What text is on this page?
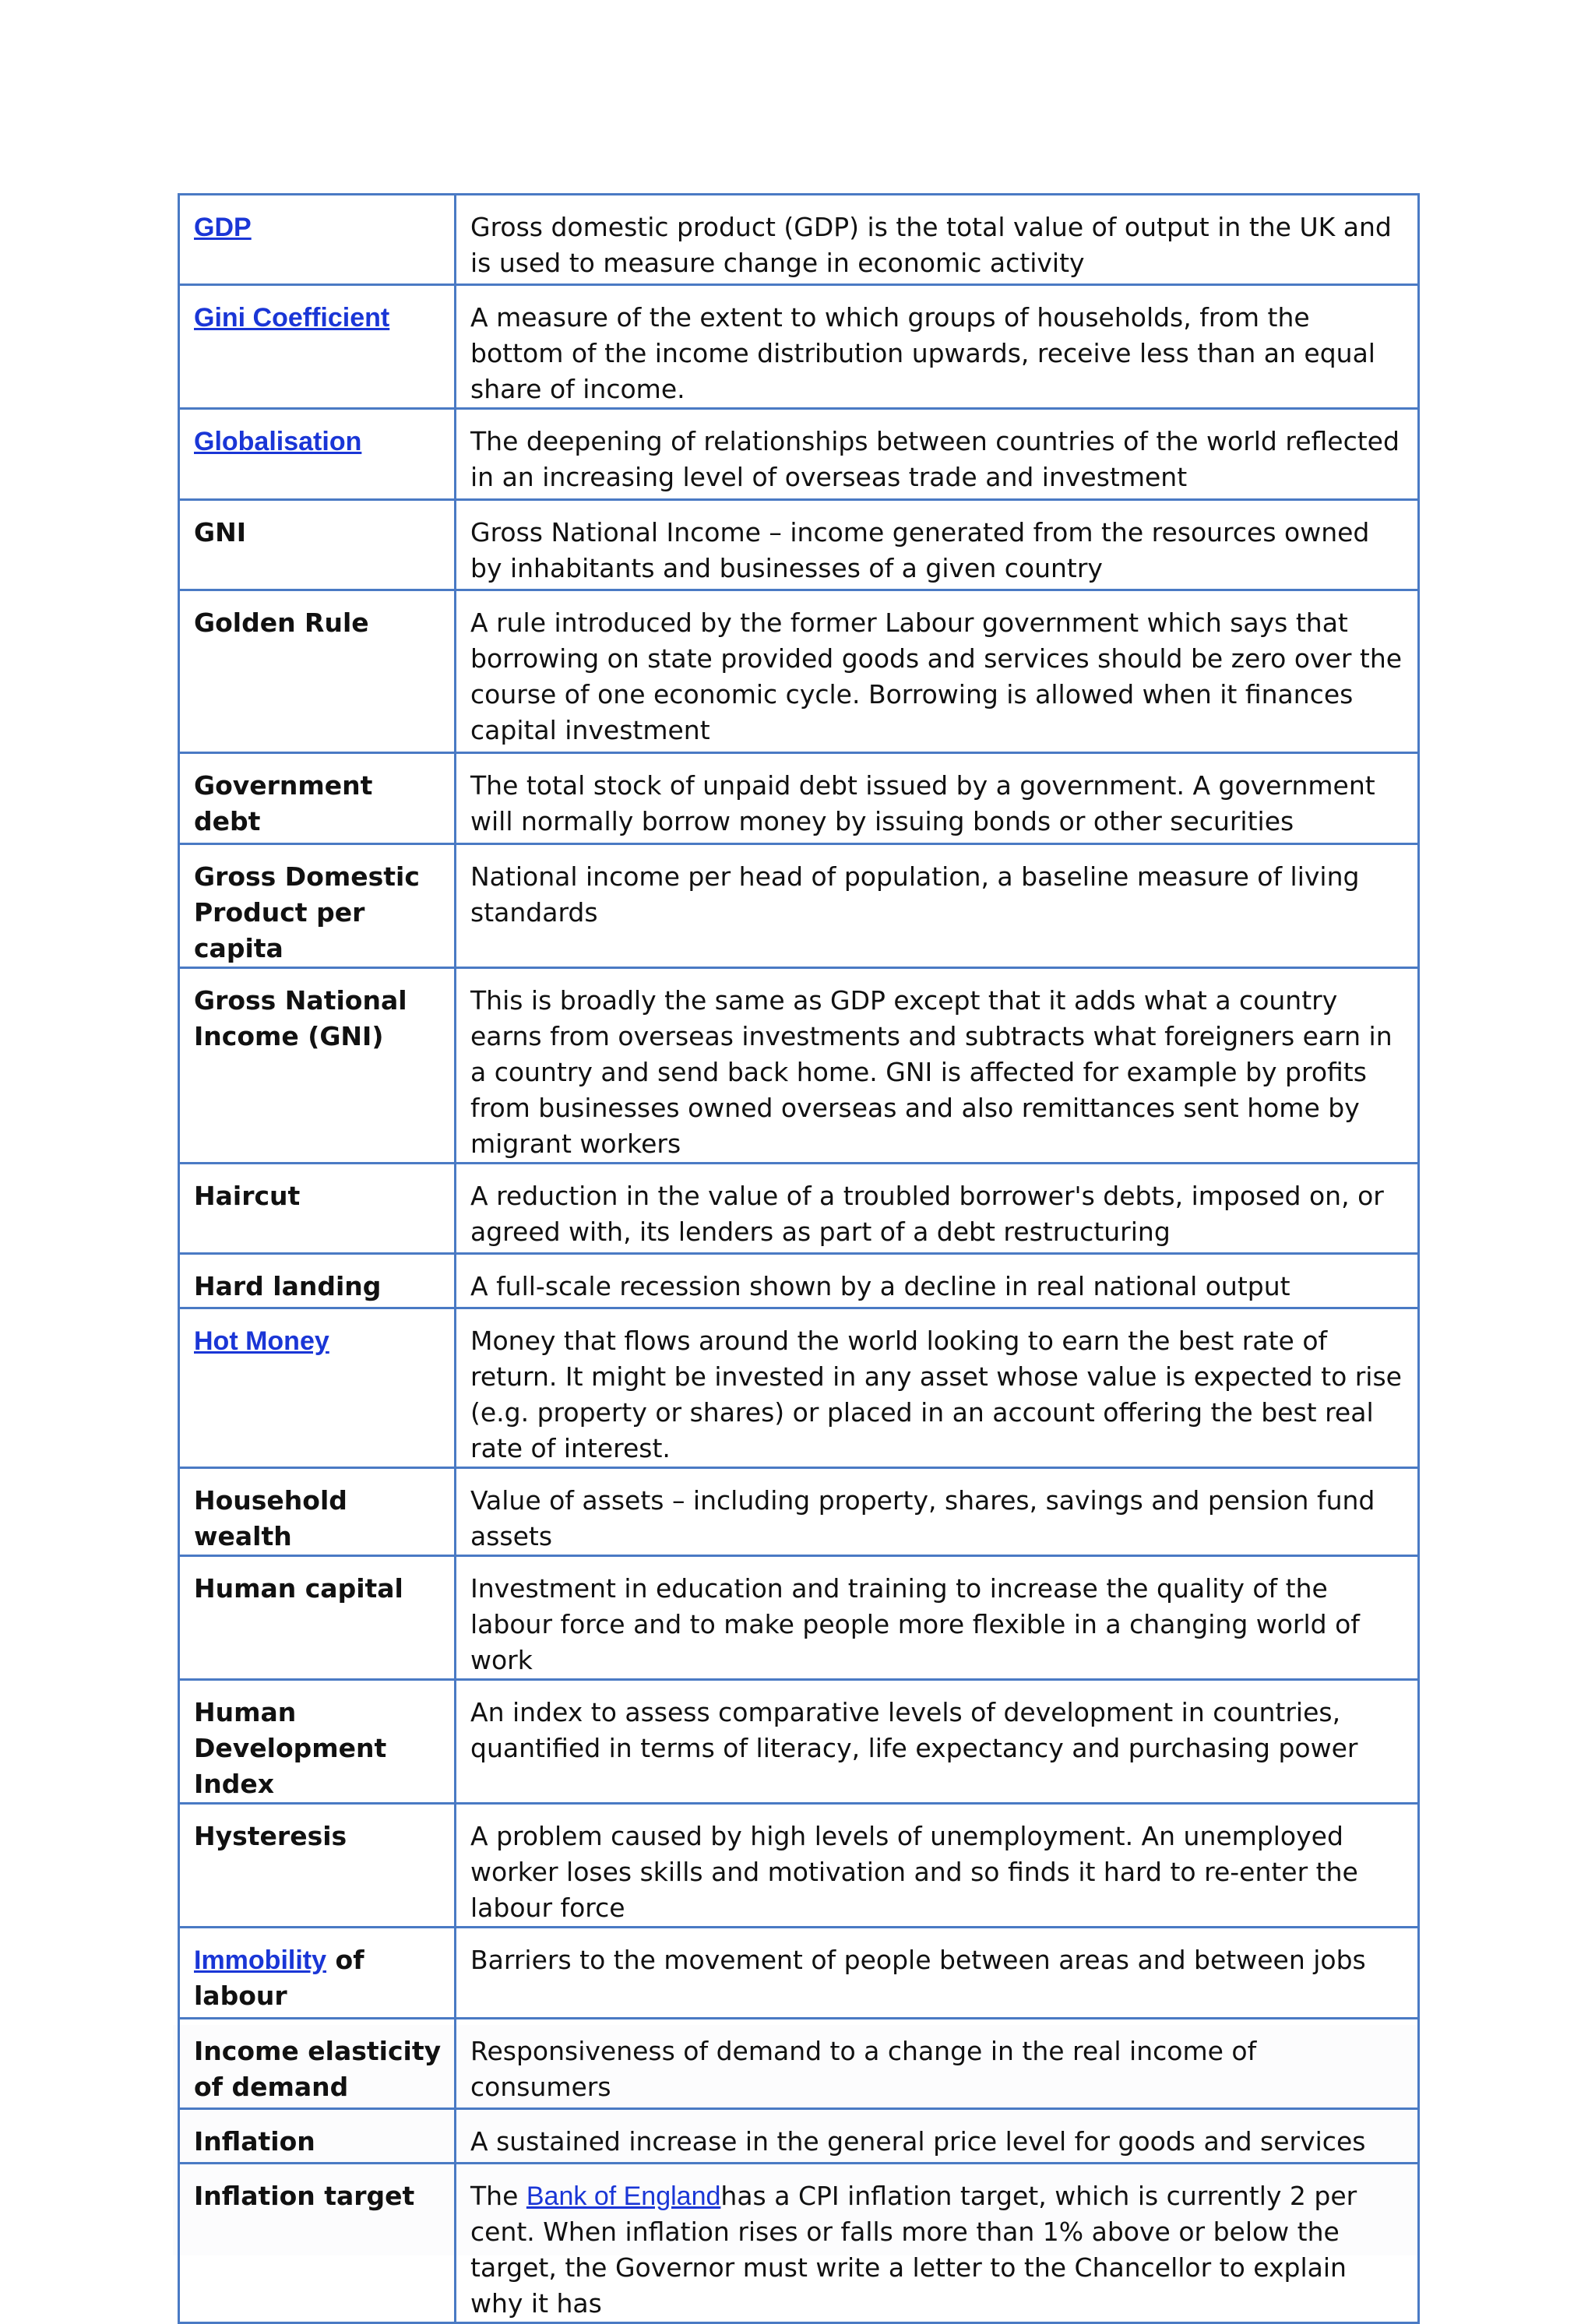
GDP	Gross domestic product (GDP) is the total value of output in the UK and is used to measure change in economic activity
Gini Coefficient	A measure of the extent to which groups of households, from the bottom of the income distribution upwards, receive less than an equal share of income.
Globalisation	The deepening of relationships between countries of the world reflected in an increasing level of overseas trade and investment
GNI	Gross National Income – income generated from the resources owned by inhabitants and businesses of a given country
Golden Rule	A rule introduced by the former Labour government which says that borrowing on state provided goods and services should be zero over the course of one economic cycle. Borrowing is allowed when it finances capital investment
Government debt	The total stock of unpaid debt issued by a government. A government will normally borrow money by issuing bonds or other securities
Gross Domestic Product per capita	National income per head of population, a baseline measure of living standards
Gross National Income (GNI)	This is broadly the same as GDP except that it adds what a country earns from overseas investments and subtracts what foreigners earn in a country and send back home. GNI is affected for example by profits from businesses owned overseas and also remittances sent home by migrant workers
Haircut	A reduction in the value of a troubled borrower's debts, imposed on, or agreed with, its lenders as part of a debt restructuring
Hard landing	A full-scale recession shown by a decline in real national output
Hot Money	Money that flows around the world looking to earn the best rate of return. It might be invested in any asset whose value is expected to rise (e.g. property or shares) or placed in an account offering the best real rate of interest.
Household wealth	Value of assets – including property, shares, savings and pension fund assets
Human capital	Investment in education and training to increase the quality of the labour force and to make people more flexible in a changing world of work
Human Development Index	An index to assess comparative levels of development in countries, quantified in terms of literacy, life expectancy and purchasing power
Hysteresis	A problem caused by high levels of unemployment. An unemployed worker loses skills and motivation and so finds it hard to re-enter the labour force
Immobility of labour	Barriers to the movement of people between areas and between jobs
Income elasticity of demand	Responsiveness of demand to a change in the real income of consumers
Inflation	A sustained increase in the general price level for goods and services
Inflation target	The Bank of Englandhas a CPI inflation target, which is currently 2 per cent. When inflation rises or falls more than 1% above or below the target, the Governor must write a letter to the Chancellor to explain why it has
